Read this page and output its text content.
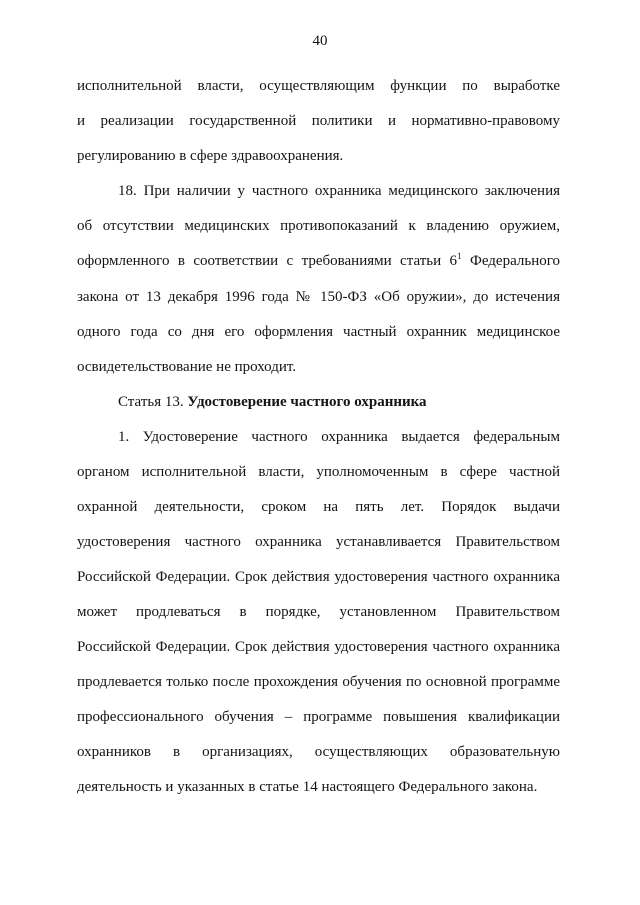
40
исполнительной власти, осуществляющим функции по выработке
и реализации государственной политики и нормативно-правовому
регулированию в сфере здравоохранения.
18. При наличии у частного охранника медицинского заключения
об отсутствии медицинских противопоказаний к владению оружием,
оформленного в соответствии с требованиями статьи $6^1$ Федерального
закона от 13 декабря 1996 года № 150-ФЗ «Об оружии», до истечения
одного года со дня его оформления частный охранник медицинское
освидетельствование не проходит.
Статья 13. Удостоверение частного охранника
1. Удостоверение частного охранника выдается федеральным
органом исполнительной власти, уполномоченным в сфере частной
охранной деятельности, сроком на пять лет. Порядок выдачи
удостоверения частного охранника устанавливается Правительством
Российской Федерации. Срок действия удостоверения частного охранника
может продлеваться в порядке, установленном Правительством
Российской Федерации. Срок действия удостоверения частного охранника
продлевается только после прохождения обучения по основной программе
профессионального обучения – программе повышения квалификации
охранников в организациях, осуществляющих образовательную
деятельность и указанных в статье 14 настоящего Федерального закона.
